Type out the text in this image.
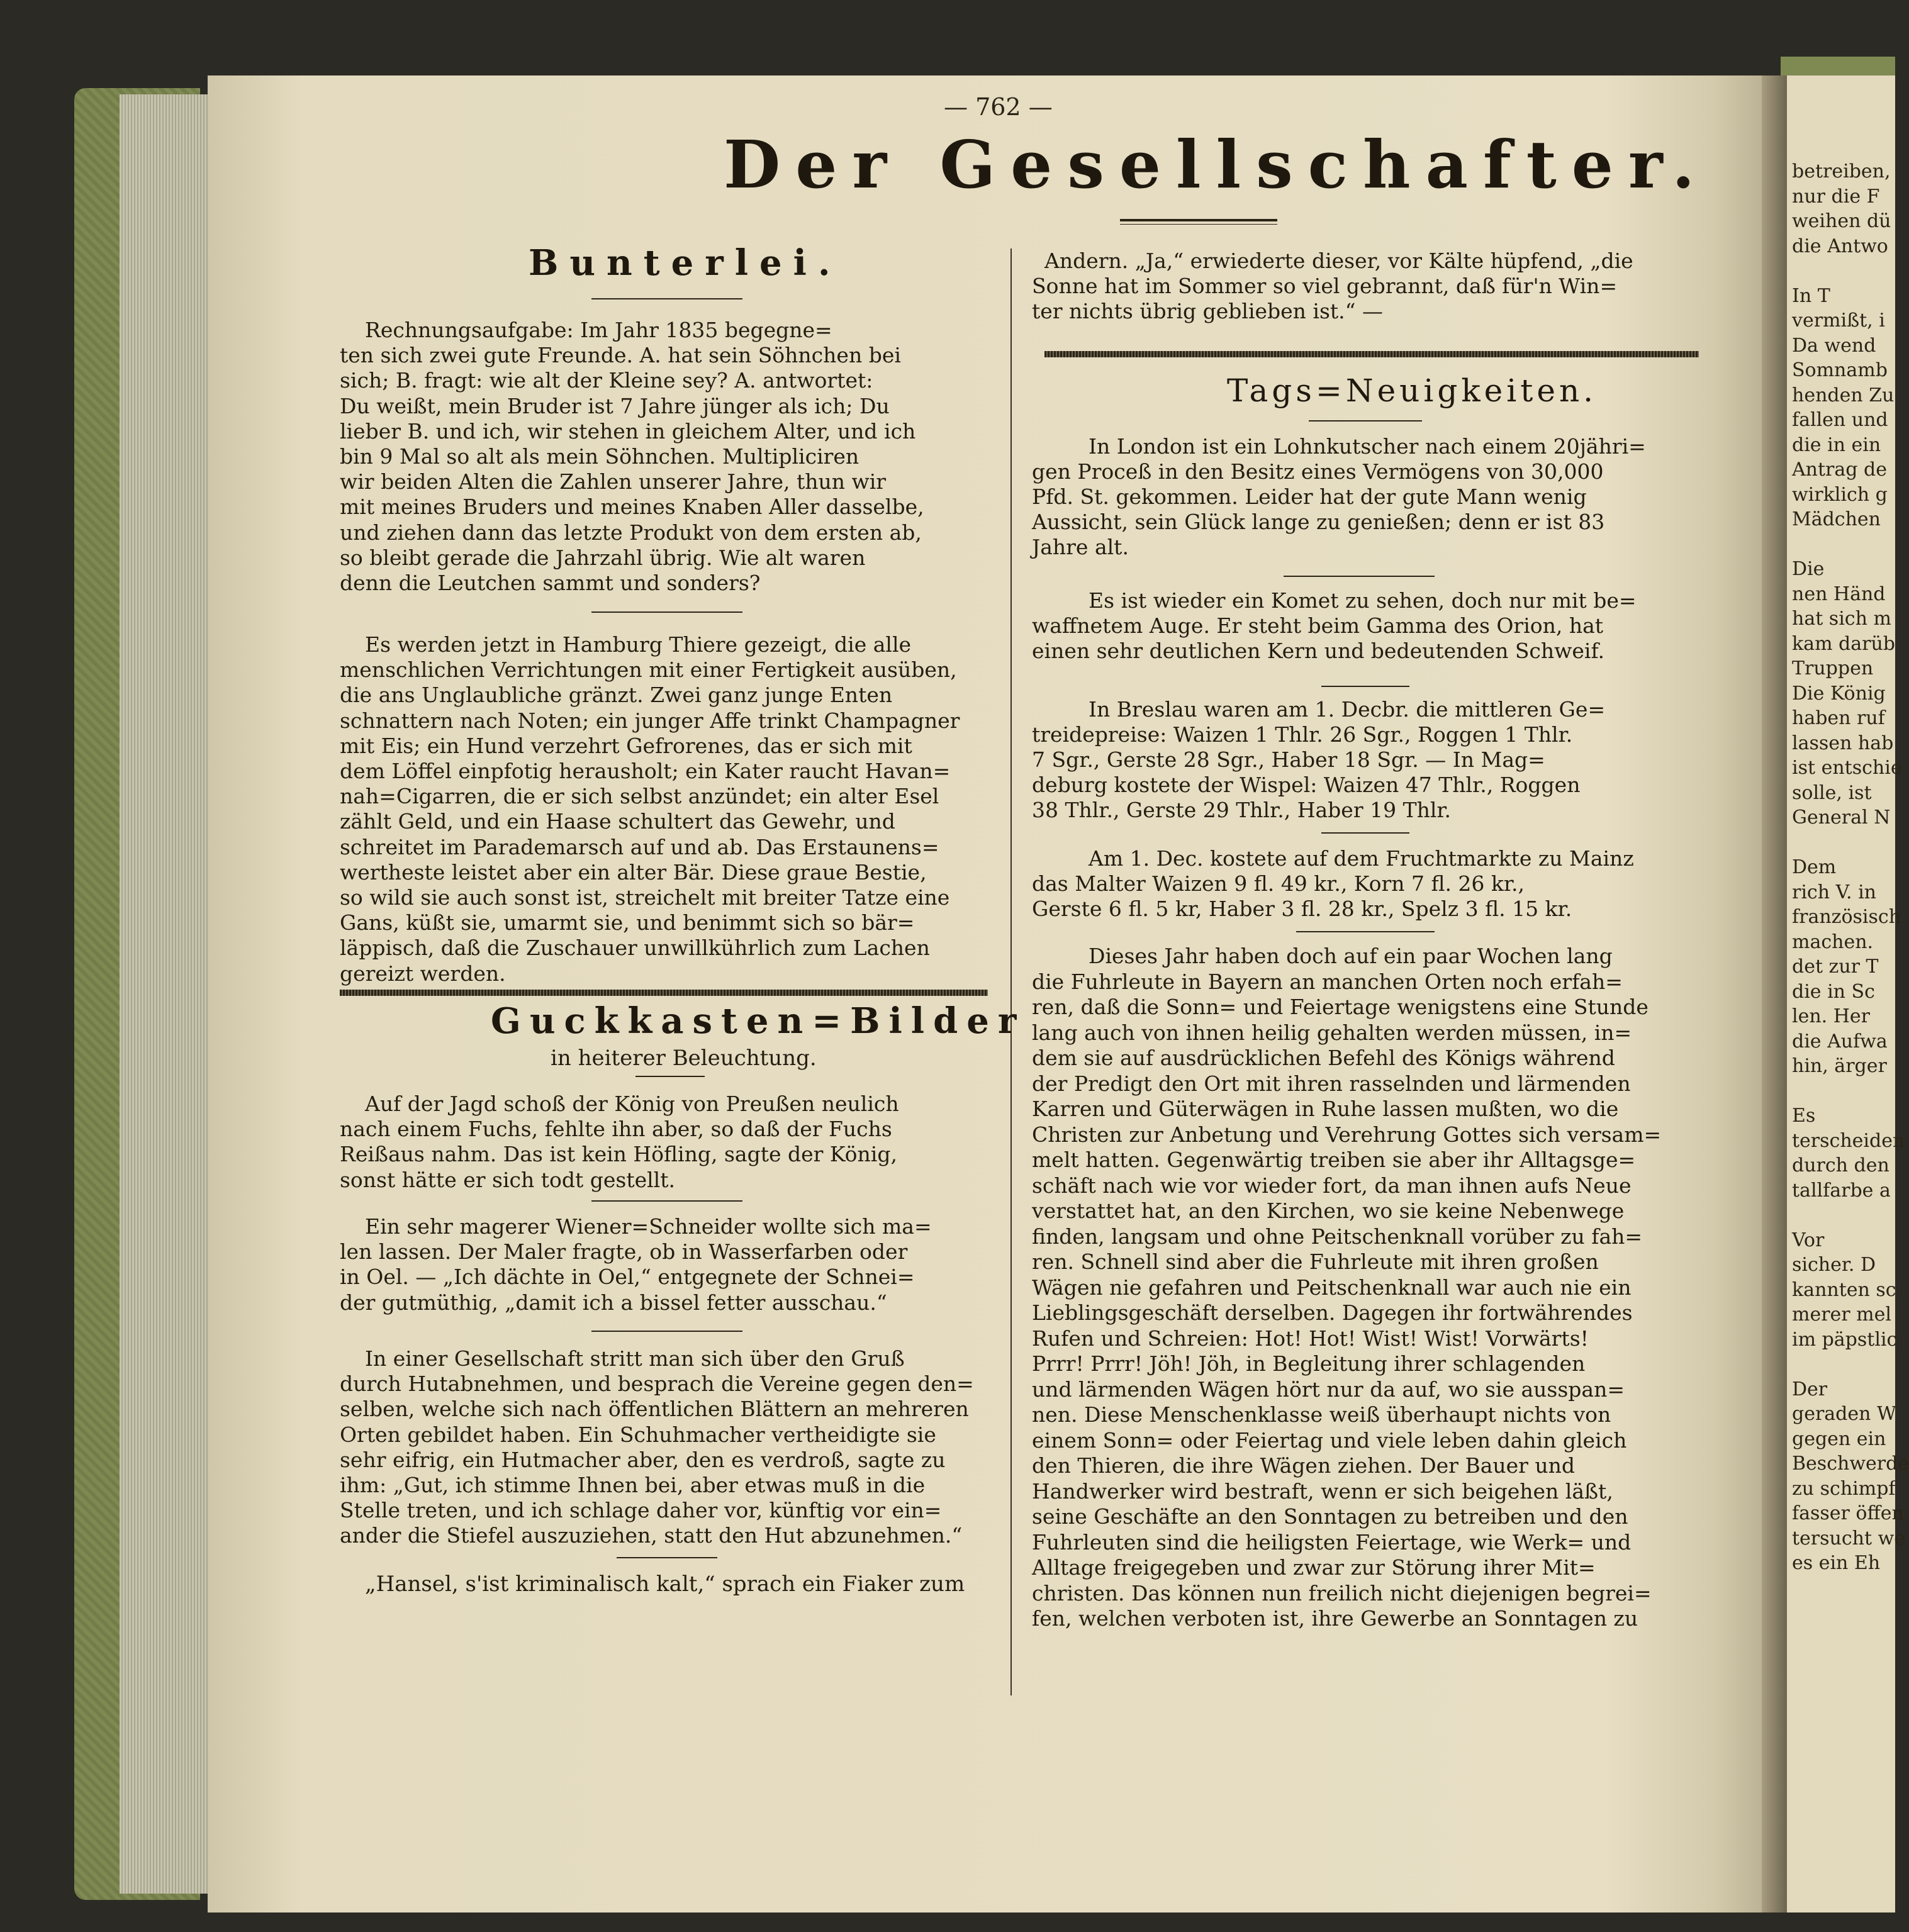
— 762 —
Der Gesellschafter.
Bunterlei.
Rechnungsaufgabe: Im Jahr 1835 begegne=
ten sich zwei gute Freunde. A. hat sein Söhnchen bei
sich; B. fragt: wie alt der Kleine sey? A. antwortet:
Du weißt, mein Bruder ist 7 Jahre jünger als ich; Du
lieber B. und ich, wir stehen in gleichem Alter, und ich
bin 9 Mal so alt als mein Söhnchen. Multipliciren
wir beiden Alten die Zahlen unserer Jahre, thun wir
mit meines Bruders und meines Knaben Aller dasselbe,
und ziehen dann das letzte Produkt von dem ersten ab,
so bleibt gerade die Jahrzahl übrig. Wie alt waren
denn die Leutchen sammt und sonders?
Es werden jetzt in Hamburg Thiere gezeigt, die alle
menschlichen Verrichtungen mit einer Fertigkeit ausüben,
die ans Unglaubliche gränzt. Zwei ganz junge Enten
schnattern nach Noten; ein junger Affe trinkt Champagner
mit Eis; ein Hund verzehrt Gefrorenes, das er sich mit
dem Löffel einpfotig herausholt; ein Kater raucht Havan=
nah=Cigarren, die er sich selbst anzündet; ein alter Esel
zählt Geld, und ein Haase schultert das Gewehr, und
schreitet im Parademarsch auf und ab. Das Erstaunens=
wertheste leistet aber ein alter Bär. Diese graue Bestie,
so wild sie auch sonst ist, streichelt mit breiter Tatze eine
Gans, küßt sie, umarmt sie, und benimmt sich so bär=
läppisch, daß die Zuschauer unwillkührlich zum Lachen
gereizt werden.
Guckkasten=Bilder
in heiterer Beleuchtung.
Auf der Jagd schoß der König von Preußen neulich
nach einem Fuchs, fehlte ihn aber, so daß der Fuchs
Reißaus nahm. Das ist kein Höfling, sagte der König,
sonst hätte er sich todt gestellt.
Ein sehr magerer Wiener=Schneider wollte sich ma=
len lassen. Der Maler fragte, ob in Wasserfarben oder
in Oel. — „Ich dächte in Oel,“ entgegnete der Schnei=
der gutmüthig, „damit ich a bissel fetter ausschau.“
In einer Gesellschaft stritt man sich über den Gruß
durch Hutabnehmen, und besprach die Vereine gegen den=
selben, welche sich nach öffentlichen Blättern an mehreren
Orten gebildet haben. Ein Schuhmacher vertheidigte sie
sehr eifrig, ein Hutmacher aber, den es verdroß, sagte zu
ihm: „Gut, ich stimme Ihnen bei, aber etwas muß in die
Stelle treten, und ich schlage daher vor, künftig vor ein=
ander die Stiefel auszuziehen, statt den Hut abzunehmen.“
„Hansel, s'ist kriminalisch kalt,“ sprach ein Fiaker zum
Andern. „Ja,“ erwiederte dieser, vor Kälte hüpfend, „die
Sonne hat im Sommer so viel gebrannt, daß für'n Win=
ter nichts übrig geblieben ist.“ —
Tags=Neuigkeiten.
In London ist ein Lohnkutscher nach einem 20jähri=
gen Proceß in den Besitz eines Vermögens von 30,000
Pfd. St. gekommen. Leider hat der gute Mann wenig
Aussicht, sein Glück lange zu genießen; denn er ist 83
Jahre alt.
Es ist wieder ein Komet zu sehen, doch nur mit be=
waffnetem Auge. Er steht beim Gamma des Orion, hat
einen sehr deutlichen Kern und bedeutenden Schweif.
In Breslau waren am 1. Decbr. die mittleren Ge=
treidepreise: Waizen 1 Thlr. 26 Sgr., Roggen 1 Thlr.
7 Sgr., Gerste 28 Sgr., Haber 18 Sgr. — In Mag=
deburg kostete der Wispel: Waizen 47 Thlr., Roggen
38 Thlr., Gerste 29 Thlr., Haber 19 Thlr.
Am 1. Dec. kostete auf dem Fruchtmarkte zu Mainz
das Malter Waizen 9 fl. 49 kr., Korn 7 fl. 26 kr.,
Gerste 6 fl. 5 kr, Haber 3 fl. 28 kr., Spelz 3 fl. 15 kr.
Dieses Jahr haben doch auf ein paar Wochen lang
die Fuhrleute in Bayern an manchen Orten noch erfah=
ren, daß die Sonn= und Feiertage wenigstens eine Stunde
lang auch von ihnen heilig gehalten werden müssen, in=
dem sie auf ausdrücklichen Befehl des Königs während
der Predigt den Ort mit ihren rasselnden und lärmenden
Karren und Güterwägen in Ruhe lassen mußten, wo die
Christen zur Anbetung und Verehrung Gottes sich versam=
melt hatten. Gegenwärtig treiben sie aber ihr Alltagsge=
schäft nach wie vor wieder fort, da man ihnen aufs Neue
verstattet hat, an den Kirchen, wo sie keine Nebenwege
finden, langsam und ohne Peitschenknall vorüber zu fah=
ren. Schnell sind aber die Fuhrleute mit ihren großen
Wägen nie gefahren und Peitschenknall war auch nie ein
Lieblingsgeschäft derselben. Dagegen ihr fortwährendes
Rufen und Schreien: Hot! Hot! Wist! Wist! Vorwärts!
Prrr! Prrr! Jöh! Jöh, in Begleitung ihrer schlagenden
und lärmenden Wägen hört nur da auf, wo sie ausspan=
nen. Diese Menschenklasse weiß überhaupt nichts von
einem Sonn= oder Feiertag und viele leben dahin gleich
den Thieren, die ihre Wägen ziehen. Der Bauer und
Handwerker wird bestraft, wenn er sich beigehen läßt,
seine Geschäfte an den Sonntagen zu betreiben und den
Fuhrleuten sind die heiligsten Feiertage, wie Werk= und
Alltage freigegeben und zwar zur Störung ihrer Mit=
christen. Das können nun freilich nicht diejenigen begrei=
fen, welchen verboten ist, ihre Gewerbe an Sonntagen zu
betreiben,
nur die F
weihen dü
die Antwo
In T
vermißt, i
Da wend
Somnamb
henden Zu
fallen und
die in ein
Antrag de
wirklich g
Mädchen
Die
nen Händ
hat sich m
kam darüb
Truppen
Die König
haben ruf
lassen hab
ist entschie
solle, ist
General N
Dem
rich V. in
französisch
machen.
det zur T
die in Sc
len. Her
die Aufwa
hin, ärger
Es
terscheiden
durch den
tallfarbe a
Vor
sicher. D
kannten sc
merer mel
im päpstlic
Der
geraden W
gegen ein
Beschwerde
zu schimpf
fasser öffen
tersucht we
es ein Eh
